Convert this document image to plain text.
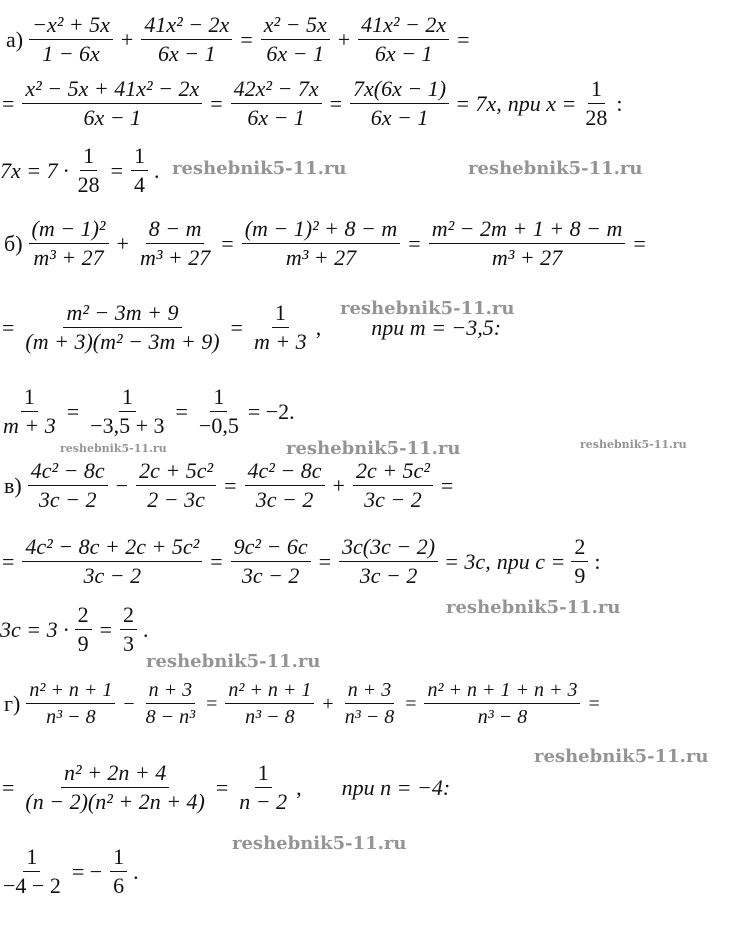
$а) \frac{\text{−x² + 5x}}{1 - 6x} + \frac{\text{41x² − 2x}}{6x - 1} = \frac{\text{x² − 5x}}{6x - 1} + \frac{\text{41x² − 2x}}{6x - 1}$ =
= $\frac{\text{x² − 5x + 41x² − 2x}}{6x - 1} = \frac{\text{42x² − 7x}}{6x - 1} = \frac{7x(6x - 1)}{6x - 1} = 7x$, при $x = \frac{1}{28}$ :
$7x = 7 \cdot \frac{1}{28} = \frac{1}{4}$ .
$б) \frac{\text{(m − 1)²}}{\text{m³ + 27}} + \frac{8 - m}{\text{m³ + 27}} = \frac{\text{(m − 1)² + 8 − m}}{\text{m³ + 27}} = \frac{\text{m² − 2m + 1 + 8 − m}}{\text{m³ + 27}}$ =
= $\frac{\text{m² − 3m + 9}}{\text{(m + 3)(m² − 3m + 9)}} = \frac{1}{m + 3}$ , при m = −3,5:
$\frac{1}{m + 3} = \frac{1}{-3,5 + 3} = \frac{1}{-0,5} = -2$.
$в) \frac{\text{4c² − 8c}}{3c - 2} - \frac{\text{2c + 5c²}}{2 - 3c} = \frac{\text{4c² − 8c}}{3c - 2} + \frac{\text{2c + 5c²}}{3c - 2}$ =
= $\frac{\text{4c² − 8c + 2c + 5c²}}{3c - 2} = \frac{\text{9c² − 6c}}{3c - 2} = \frac{3c(3c - 2)}{3c - 2} = 3c$, при $c = \frac{2}{9}$ :
$3c = 3 \cdot \frac{2}{9} = \frac{2}{3}$ .
$г) \frac{\text{n² + n + 1}}{\text{n³ − 8}} - \frac{n + 3}{\text{8 − n³}} = \frac{\text{n² + n + 1}}{\text{n³ − 8}} + \frac{n + 3}{\text{n³ − 8}} = \frac{\text{n² + n + 1 + n + 3}}{\text{n³ − 8}}$ =
= $\frac{\text{n² + 2n + 4}}{\text{(n − 2)(n² + 2n + 4)}} = \frac{1}{n - 2}$ , при n = −4:
$\frac{1}{-4 - 2}$ = − $\frac{1}{6}$ .
reshebnik5-11.ru	reshebnik5-11.ru
reshebnik5-11.ru
reshebnik5-11.ru	reshebnik5-11.ru	reshebnik5-11.ru
reshebnik5-11.ru
reshebnik5-11.ru
reshebnik5-11.ru
reshebnik5-11.ru
